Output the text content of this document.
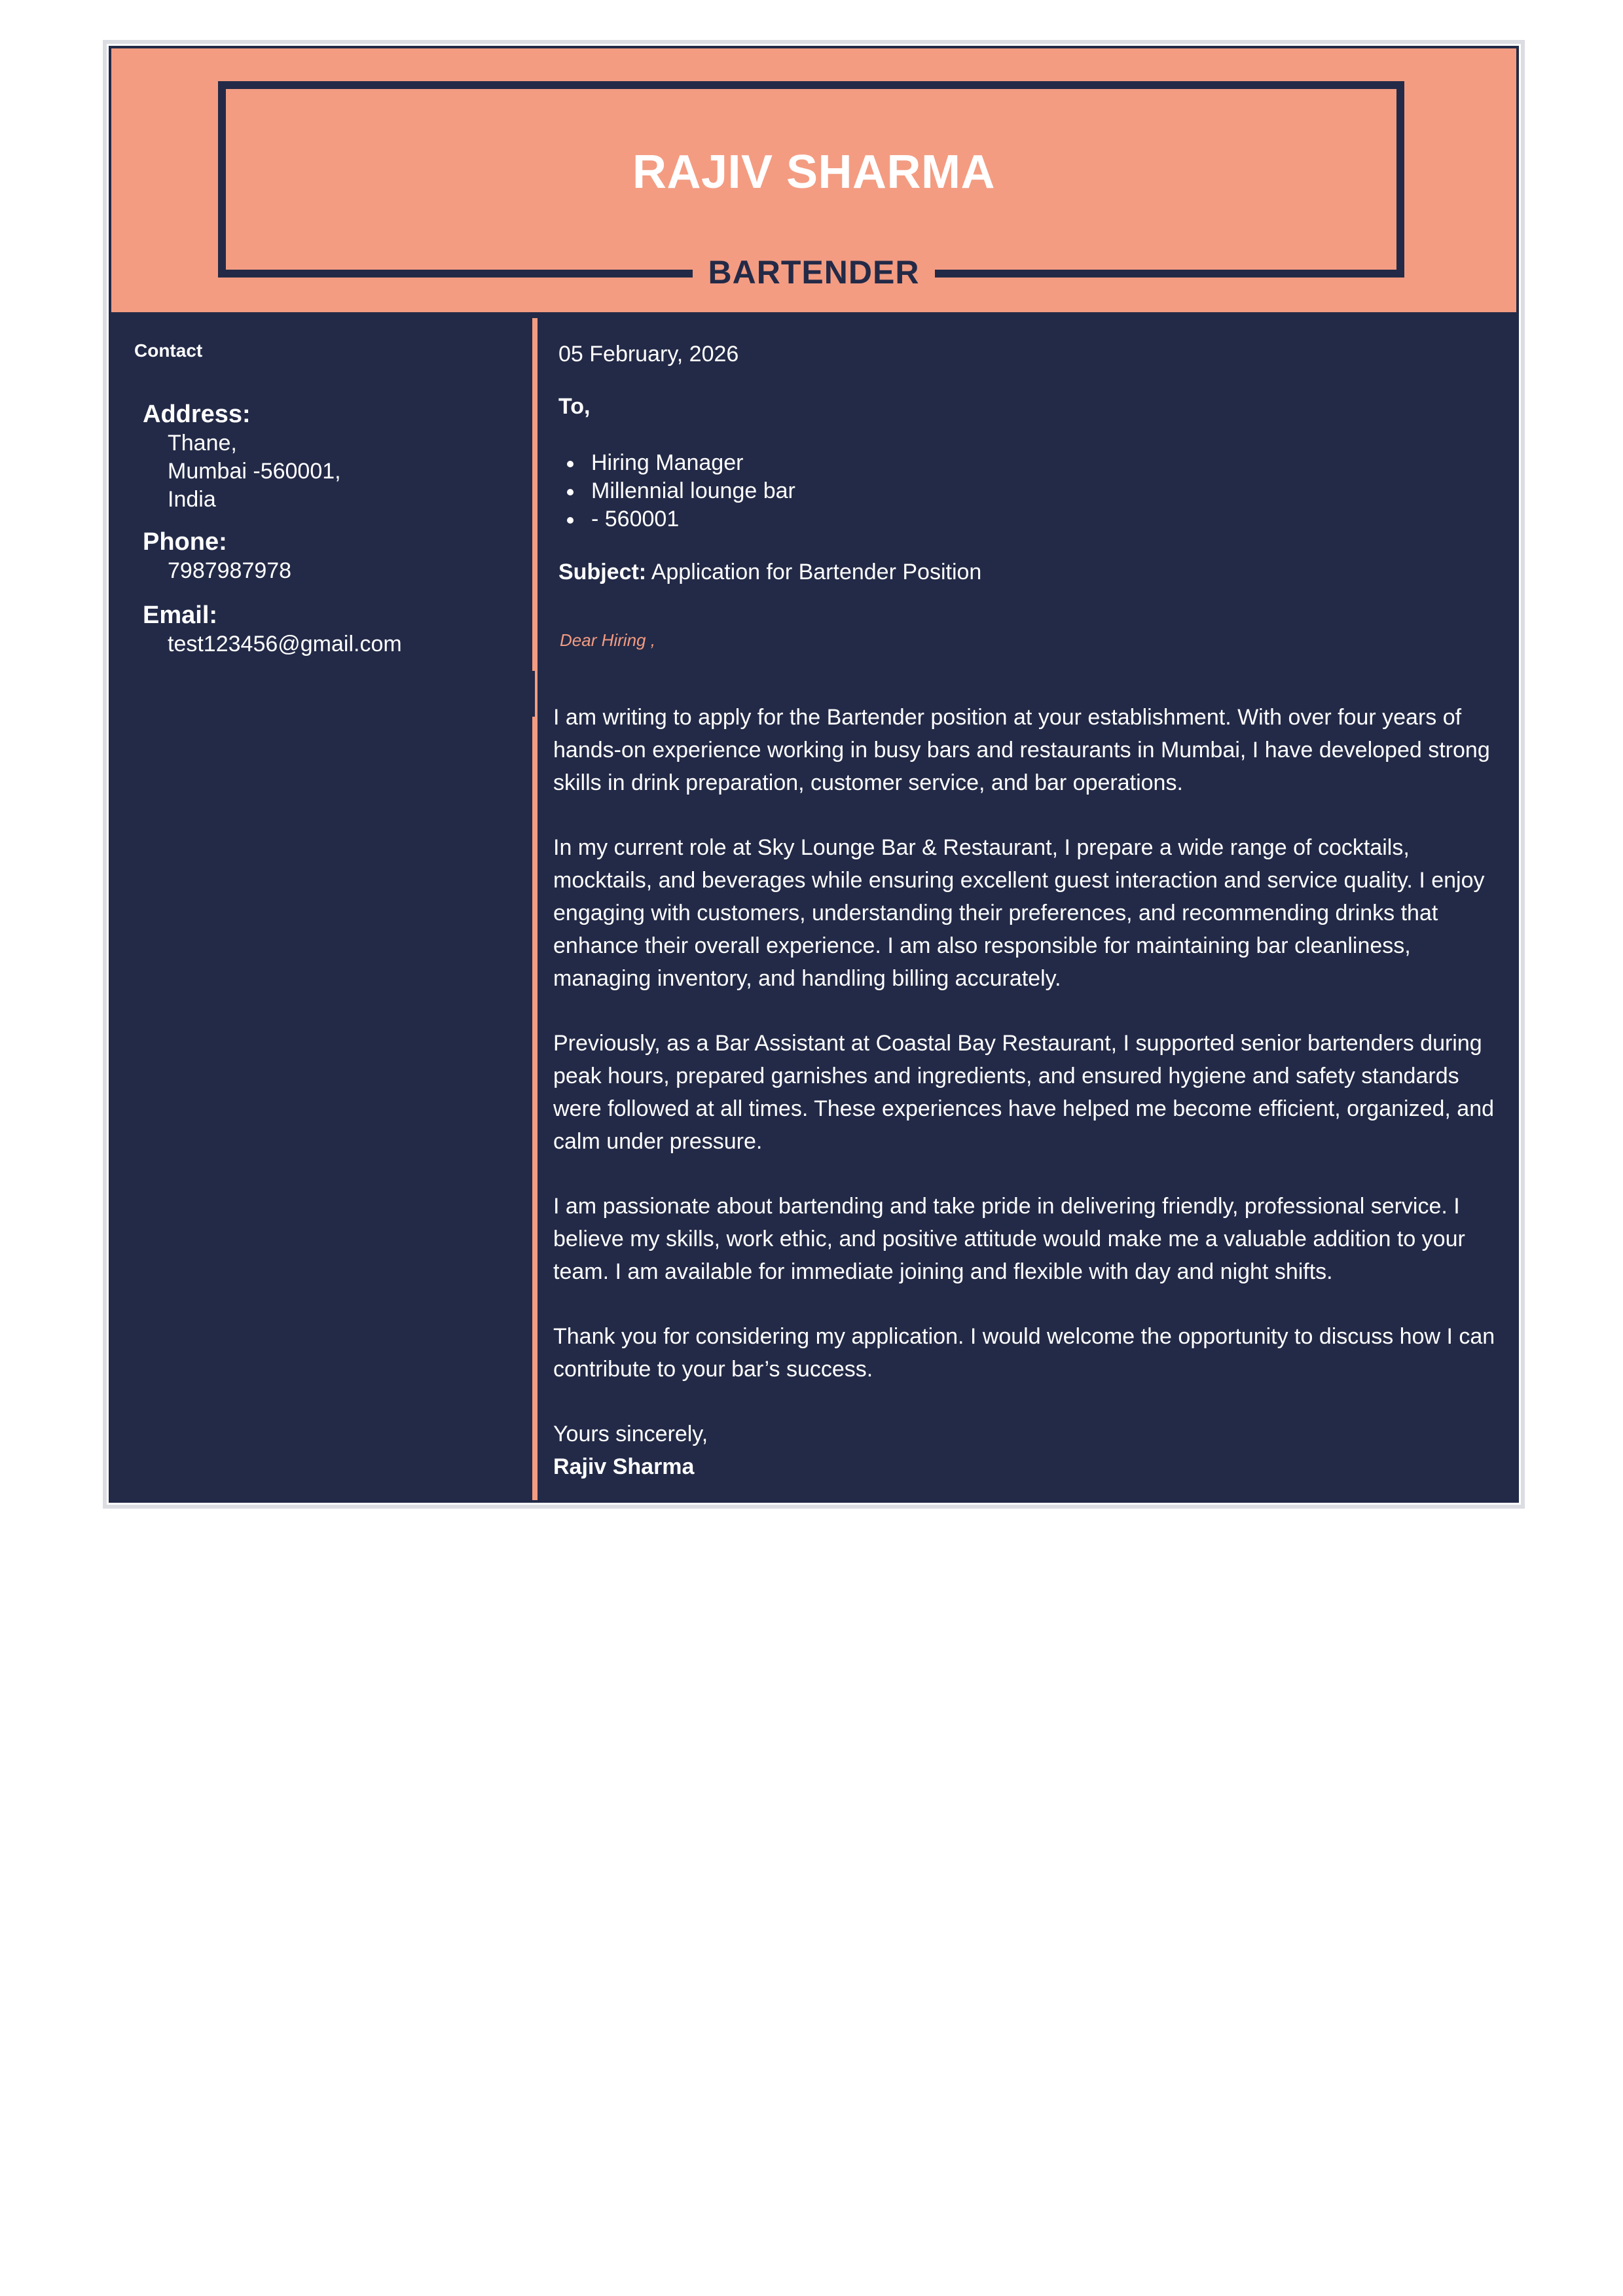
RAJIV SHARMA
BARTENDER
Contact
Address:
Thane,
Mumbai -560001,
India
Phone:
7987987978
Email:
test123456@gmail.com
05 February, 2026
To,
Hiring Manager
Millennial lounge bar
- 560001
Subject: Application for Bartender Position
Dear Hiring ,

I am writing to apply for the Bartender position at your establishment. With over four years of hands-on experience working in busy bars and restaurants in Mumbai, I have developed strong skills in drink preparation, customer service, and bar operations.

In my current role at Sky Lounge Bar & Restaurant, I prepare a wide range of cocktails, mocktails, and beverages while ensuring excellent guest interaction and service quality. I enjoy engaging with customers, understanding their preferences, and recommending drinks that enhance their overall experience. I am also responsible for maintaining bar cleanliness, managing inventory, and handling billing accurately.

Previously, as a Bar Assistant at Coastal Bay Restaurant, I supported senior bartenders during peak hours, prepared garnishes and ingredients, and ensured hygiene and safety standards were followed at all times. These experiences have helped me become efficient, organized, and calm under pressure.

I am passionate about bartending and take pride in delivering friendly, professional service. I believe my skills, work ethic, and positive attitude would make me a valuable addition to your team. I am available for immediate joining and flexible with day and night shifts.

Thank you for considering my application. I would welcome the opportunity to discuss how I can contribute to your bar’s success.

Yours sincerely,
Rajiv Sharma
